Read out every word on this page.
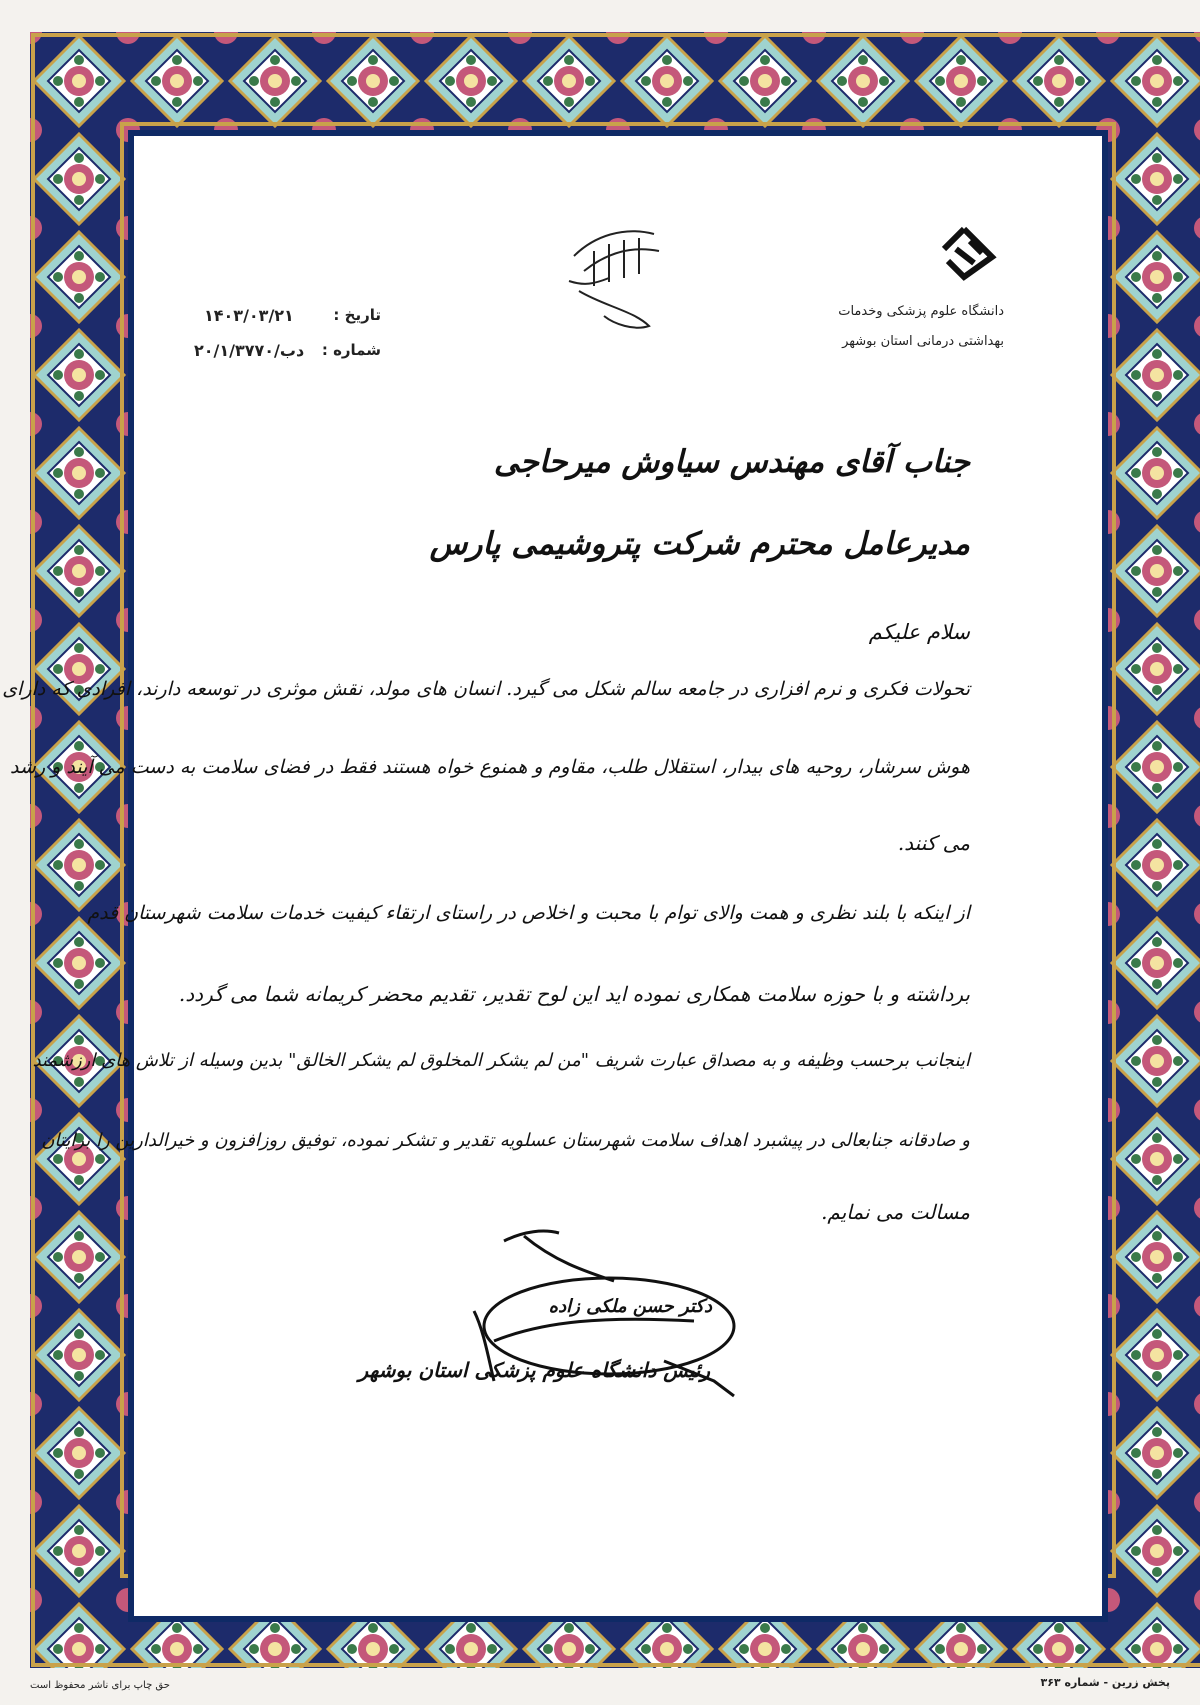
دانشگاه علوم پزشکی وخدمات
بهداشتی درمانی استان بوشهر
تاریخ :
۱۴۰۳/۰۳/۲۱
شماره :
۲۰/۱/۳۷۷۰/دب
جناب آقای مهندس سیاوش میرحاجی
مدیرعامل محترم شرکت پتروشیمی پارس
سلام علیکم
تحولات فکری و نرم افزاری در جامعه سالم شکل می گیرد. انسان های مولد، نقش موثری در توسعه دارند، افرادی که دارای
هوش سرشار، روحیه های بیدار، استقلال طلب، مقاوم و همنوع خواه هستند فقط در فضای سلامت به دست می آیند و رشد
می کنند.
از اینکه با بلند نظری و همت والای توام با محبت و اخلاص در راستای ارتقاء کیفیت خدمات سلامت شهرستان قدم
برداشته و با حوزه سلامت همکاری نموده اید این لوح تقدیر، تقدیم محضر کریمانه شما می گردد.
اینجانب برحسب وظیفه و به مصداق عبارت شریف "من لم یشکر المخلوق لم یشکر الخالق" بدین وسیله از تلاش های ارزشمند
و صادقانه جنابعالی در پیشبرد اهداف سلامت شهرستان عسلویه تقدیر و تشکر نموده، توفیق روزافزون و خیرالدارین را برایتان
مسالت می نمایم.
دکتر حسن ملکی زاده
رئیس دانشگاه علوم پزشکی استان بوشهر
حق چاپ برای ناشر محفوظ است	پخش زرین - شماره ۳۶۳
